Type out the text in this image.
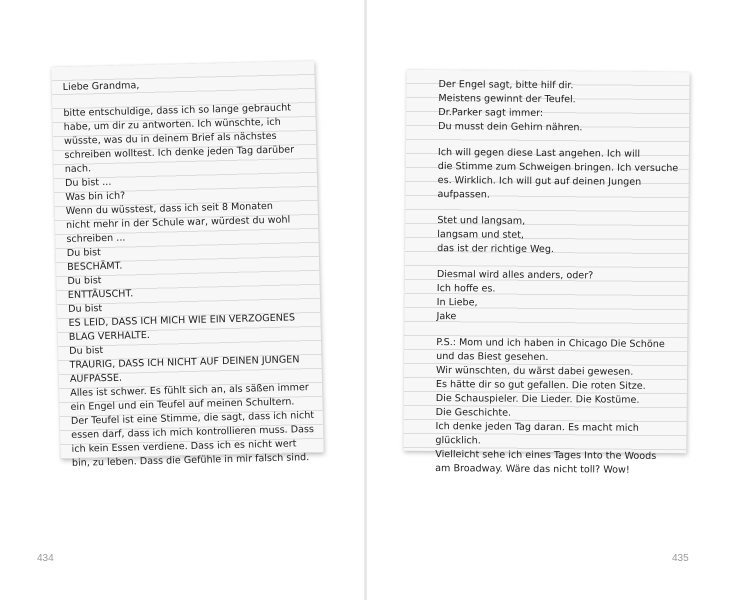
Liebe Grandma,
bitte entschuldige, dass ich so lange gebraucht
habe, um dir zu antworten. Ich wünschte, ich
wüsste, was du in deinem Brief als nächstes
schreiben wolltest. Ich denke jeden Tag darüber
nach.
Du bist ...
Was bin ich?
Wenn du wüsstest, dass ich seit 8 Monaten
nicht mehr in der Schule war, würdest du wohl
schreiben ...
Du bist
BESCHÄMT.
Du bist
ENTTÄUSCHT.
Du bist
ES LEID, DASS ICH MICH WIE EIN VERZOGENES
BLAG VERHALTE.
Du bist
TRAURIG, DASS ICH NICHT AUF DEINEN JUNGEN
AUFPASSE.
Alles ist schwer. Es fühlt sich an, als säßen immer
ein Engel und ein Teufel auf meinen Schultern.
Der Teufel ist eine Stimme, die sagt, dass ich nicht
essen darf, dass ich mich kontrollieren muss. Dass
ich kein Essen verdiene. Dass ich es nicht wert
bin, zu leben. Dass die Gefühle in mir falsch sind.
Der Engel sagt, bitte hilf dir.
Meistens gewinnt der Teufel.
Dr.Parker sagt immer:
Du musst dein Gehirn nähren.
Ich will gegen diese Last angehen. Ich will
die Stimme zum Schweigen bringen. Ich versuche
es. Wirklich. Ich will gut auf deinen Jungen
aufpassen.
Stet und langsam,
langsam und stet,
das ist der richtige Weg.
Diesmal wird alles anders, oder?
Ich hoffe es.
In Liebe,
Jake
P.S.: Mom und ich haben in Chicago Die Schöne
und das Biest gesehen.
Wir wünschten, du wärst dabei gewesen.
Es hätte dir so gut gefallen. Die roten Sitze.
Die Schauspieler. Die Lieder. Die Kostüme.
Die Geschichte.
Ich denke jeden Tag daran. Es macht mich
glücklich.
Vielleicht sehe ich eines Tages Into the Woods
am Broadway. Wäre das nicht toll? Wow!
434	435
